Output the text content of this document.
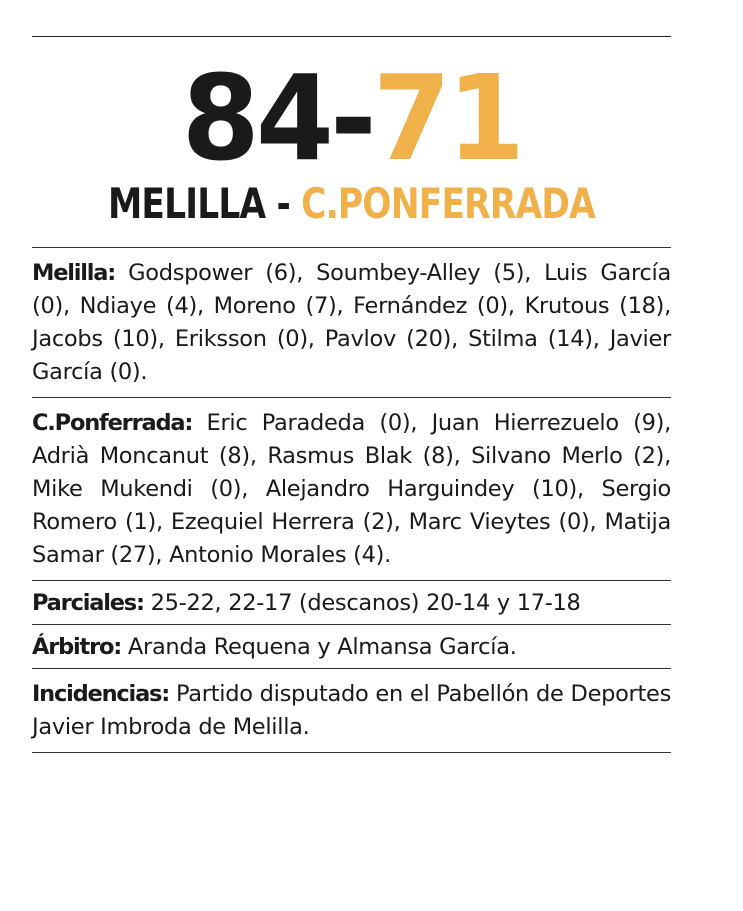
84-71
MELILLA - C.PONFERRADA
Melilla: Godspower (6), Soumbey-Alley (5), Luis García (0), Ndiaye (4), Moreno (7), Fernández (0), Krutous (18), Jacobs (10), Eriksson (0), Pavlov (20), Stilma (14), Javier García (0).
C.Ponferrada: Eric Paradeda (0), Juan Hierrezuelo (9), Adrià Moncanut (8), Rasmus Blak (8), Silvano Merlo (2), Mike Mukendi (0), Alejandro Harguindey (10), Sergio Romero (1), Ezequiel Herrera (2), Marc Vieytes (0), Matija Samar (27), Antonio Morales (4).
Parciales: 25-22, 22-17 (descanos) 20-14 y 17-18
Árbitro: Aranda Requena y Almansa García.
Incidencias: Partido disputado en el Pabellón de Deportes Javier Imbroda de Melilla.
